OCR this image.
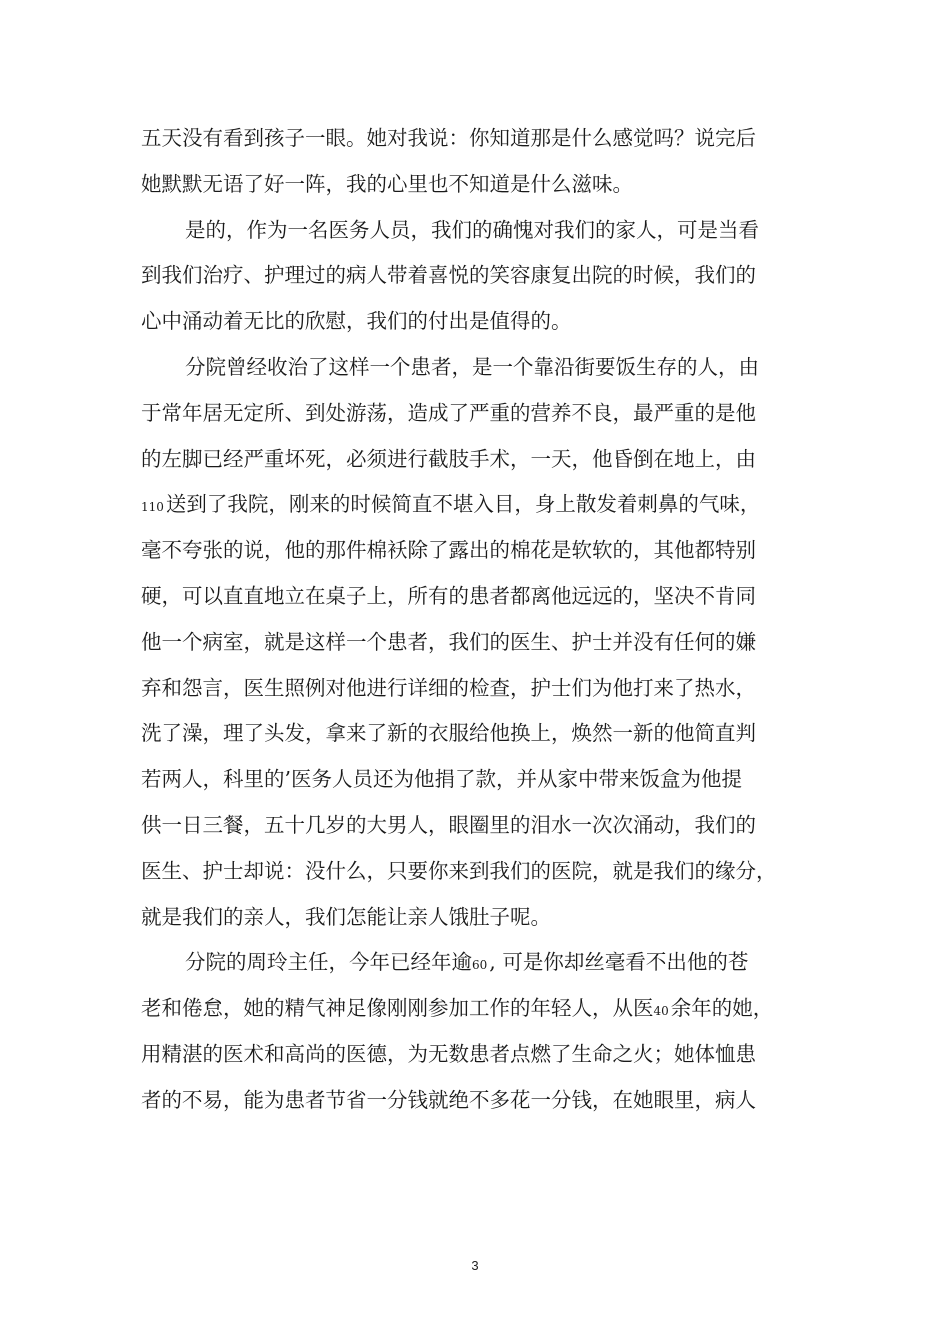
五天没有看到孩子一眼。她对我说：你知道那是什么感觉吗？说完后
她默默无语了好一阵，我的心里也不知道是什么滋味。
是的，作为一名医务人员，我们的确愧对我们的家人，可是当看
到我们治疗、护理过的病人带着喜悦的笑容康复出院的时候，我们的
心中涌动着无比的欣慰，我们的付出是值得的。
分院曾经收治了这样一个患者，是一个靠沿街要饭生存的人，由
于常年居无定所、到处游荡，造成了严重的营养不良，最严重的是他
的左脚已经严重坏死，必须进行截肢手术，一天，他昏倒在地上，由
110送到了我院，刚来的时候简直不堪入目，身上散发着刺鼻的气味，
毫不夸张的说，他的那件棉袄除了露出的棉花是软软的，其他都特别
硬，可以直直地立在桌子上，所有的患者都离他远远的，坚决不肯同
他一个病室，就是这样一个患者，我们的医生、护士并没有任何的嫌
弃和怨言，医生照例对他进行详细的检查，护士们为他打来了热水，
洗了澡，理了头发，拿来了新的衣服给他换上，焕然一新的他简直判
若两人，科里的’医务人员还为他捐了款，并从家中带来饭盒为他提
供一日三餐，五十几岁的大男人，眼圈里的泪水一次次涌动，我们的
医生、护士却说：没什么，只要你来到我们的医院，就是我们的缘分，
就是我们的亲人，我们怎能让亲人饿肚子呢。
分院的周玲主任，今年已经年逾60, 可是你却丝毫看不出他的苍
老和倦怠，她的精气神足像刚刚参加工作的年轻人，从医40余年的她，
用精湛的医术和高尚的医德，为无数患者点燃了生命之火；她体恤患
者的不易，能为患者节省一分钱就绝不多花一分钱，在她眼里，病人
3
